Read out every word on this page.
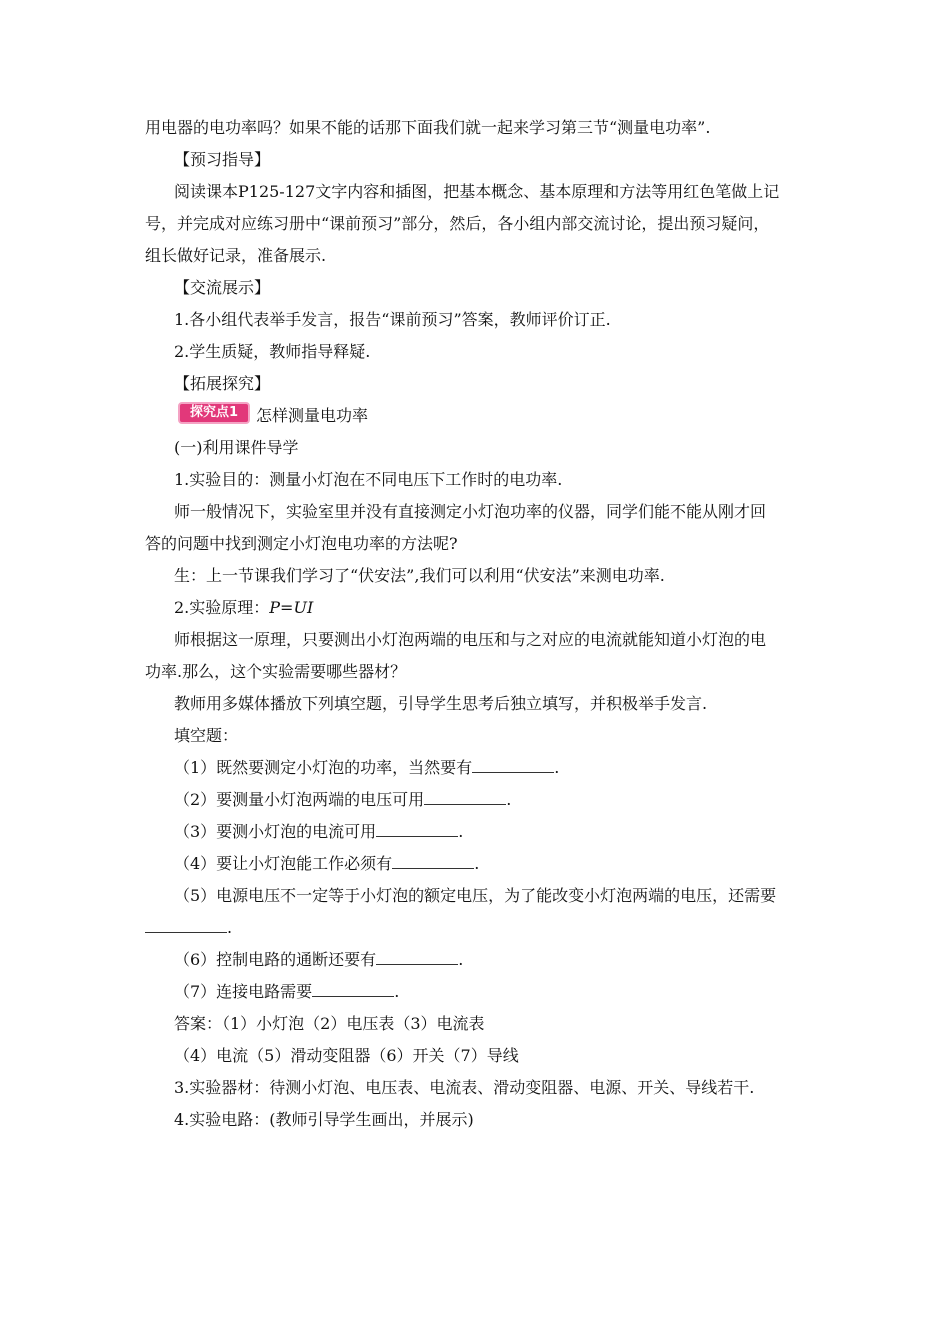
用电器的电功率吗？如果不能的话那下面我们就一起来学习第三节“测量电功率”.
【预习指导】
阅读课本P125-127文字内容和插图，把基本概念、基本原理和方法等用红色笔做上记
号，并完成对应练习册中“课前预习”部分，然后，各小组内部交流讨论，提出预习疑问，
组长做好记录，准备展示.
【交流展示】
1.各小组代表举手发言，报告“课前预习”答案，教师评价订正.
2.学生质疑，教师指导释疑.
【拓展探究】
探究点1	怎样测量电功率
(一)利用课件导学
1.实验目的：测量小灯泡在不同电压下工作时的电功率.
师一般情况下，实验室里并没有直接测定小灯泡功率的仪器，同学们能不能从刚才回
答的问题中找到测定小灯泡电功率的方法呢?
生：上一节课我们学习了“伏安法”,我们可以利用“伏安法”来测电功率.
2.实验原理：P=UI
师根据这一原理，只要测出小灯泡两端的电压和与之对应的电流就能知道小灯泡的电
功率.那么，这个实验需要哪些器材？
教师用多媒体播放下列填空题，引导学生思考后独立填写，并积极举手发言.
填空题：
（1）既然要测定小灯泡的功率，当然要有	.
（2）要测量小灯泡两端的电压可用	.
（3）要测小灯泡的电流可用	.
（4）要让小灯泡能工作必须有	.
（5）电源电压不一定等于小灯泡的额定电压，为了能改变小灯泡两端的电压，还需要
.
（6）控制电路的通断还要有	.
（7）连接电路需要	.
答案：（1）小灯泡（2）电压表（3）电流表
（4）电流（5）滑动变阻器（6）开关（7）导线
3.实验器材：待测小灯泡、电压表、电流表、滑动变阻器、电源、开关、导线若干.
4.实验电路：(教师引导学生画出，并展示)
